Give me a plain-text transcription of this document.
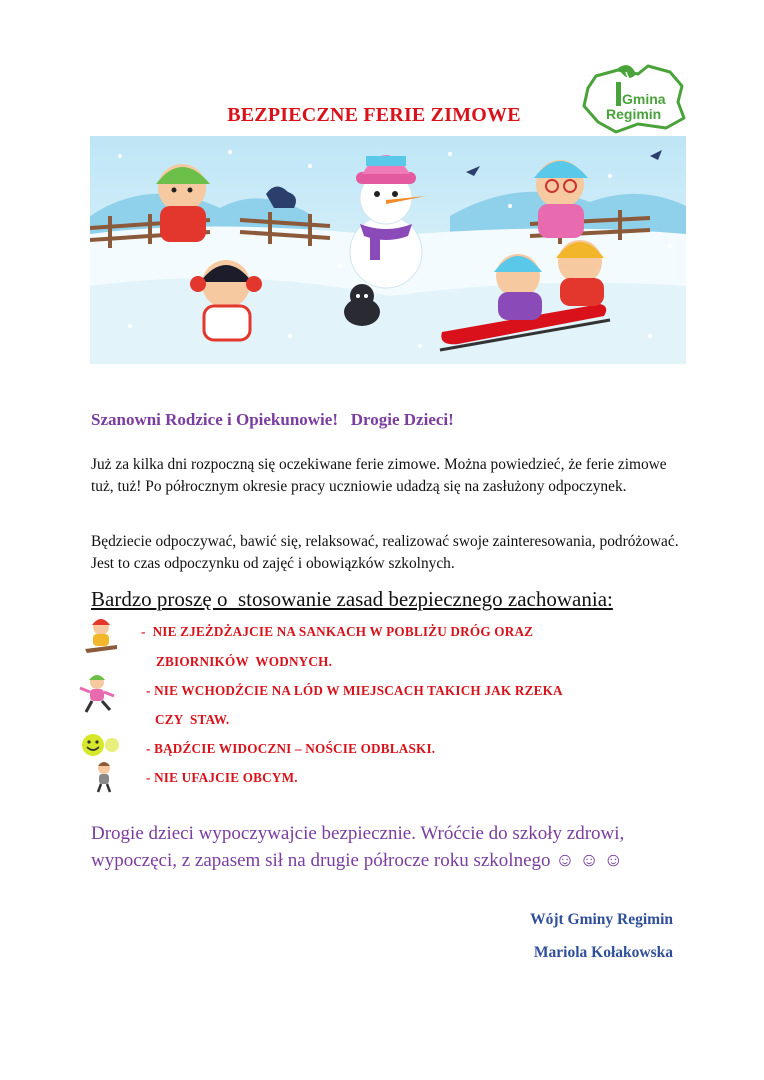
Gmina
Regimin
BEZPIECZNE FERIE ZIMOWE
Szanowni Rodzice i Opiekunowie!   Drogie Dzieci!

Już za kilka dni rozpoczną się oczekiwane ferie zimowe. Można powiedzieć, że ferie zimowe tuż, tuż! Po półrocznym okresie pracy uczniowie udadzą się na zasłużony odpoczynek.

Będziecie odpoczywać, bawić się, relaksować, realizować swoje zainteresowania, podróżować. Jest to czas odpoczynku od zajęć i obowiązków szkolnych.

Bardzo proszę o  stosowanie zasad bezpiecznego zachowania:
-  NIE ZJEŻDŻAJCIE NA SANKACH W POBLIŻU DRÓG ORAZ
ZBIORNIKÓW  WODNYCH.
- NIE WCHODŹCIE NA LÓD W MIEJSCACH TAKICH JAK RZEKA
CZY  STAW.
- BĄDŹCIE WIDOCZNI – NOŚCIE ODBLASKI.
- NIE UFAJCIE OBCYM.

Drogie dzieci wypoczywajcie bezpiecznie. Wróćcie do szkoły zdrowi, wypoczęci, z zapasem sił na drugie półrocze roku szkolnego ☺ ☺ ☺

Wójt Gminy Regimin
Mariola Kołakowska
